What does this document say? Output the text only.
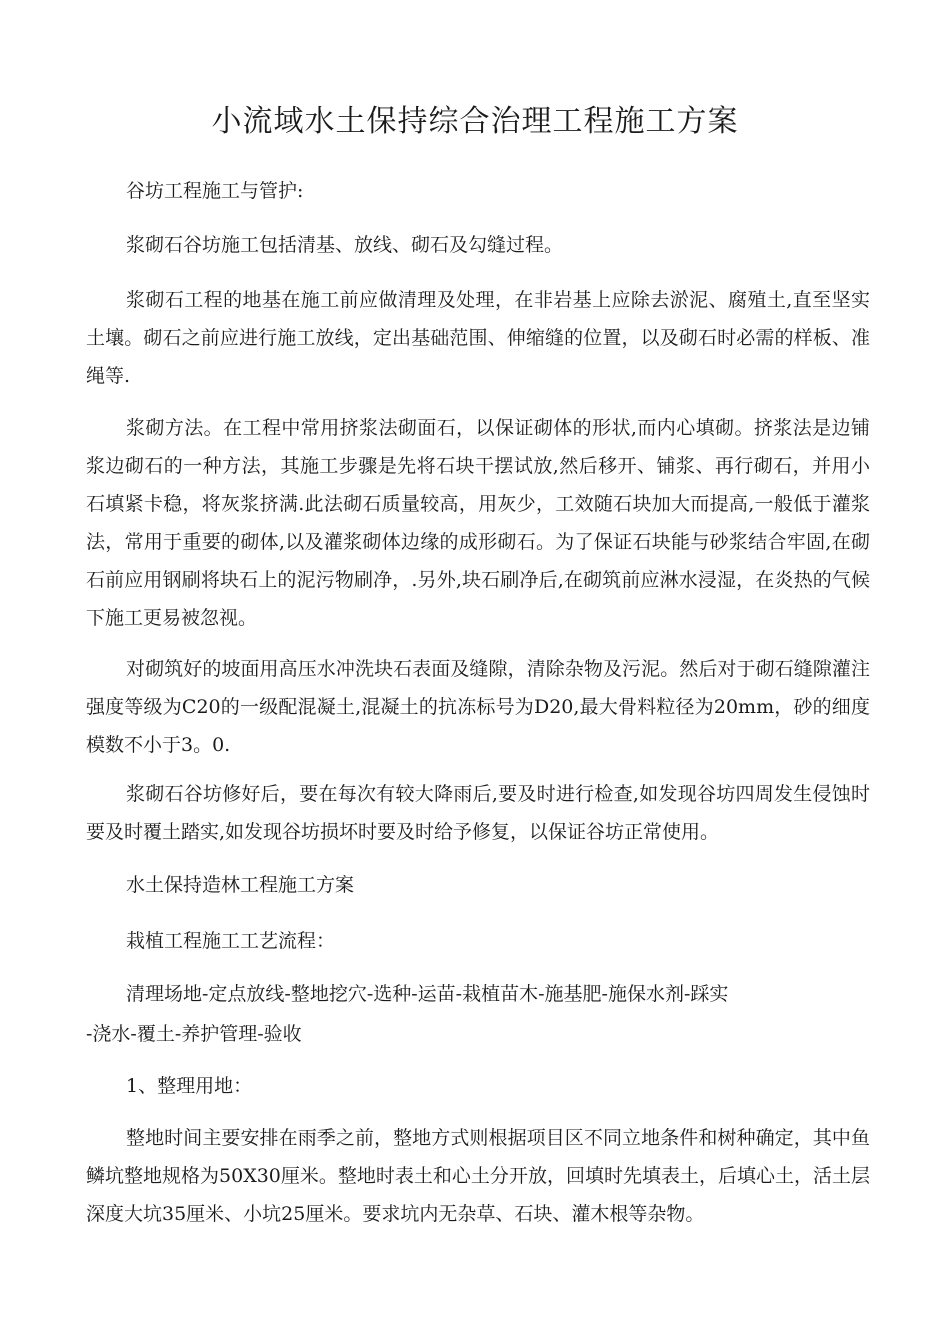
小流域水土保持综合治理工程施工方案

谷坊工程施工与管护:

浆砌石谷坊施工包括清基、放线、砌石及勾缝过程。

浆砌石工程的地基在施工前应做清理及处理，在非岩基上应除去淤泥、腐殖土,直至坚实土壤。砌石之前应进行施工放线，定出基础范围、伸缩缝的位置，以及砌石时必需的样板、准绳等.

浆砌方法。在工程中常用挤浆法砌面石，以保证砌体的形状,而内心填砌。挤浆法是边铺浆边砌石的一种方法，其施工步骤是先将石块干摆试放,然后移开、铺浆、再行砌石，并用小石填紧卡稳，将灰浆挤满.此法砌石质量较高，用灰少，工效随石块加大而提高,一般低于灌浆法，常用于重要的砌体,以及灌浆砌体边缘的成形砌石。为了保证石块能与砂浆结合牢固,在砌石前应用钢刷将块石上的泥污物刷净，.另外,块石刷净后,在砌筑前应淋水浸湿，在炎热的气候下施工更易被忽视。

对砌筑好的坡面用高压水冲洗块石表面及缝隙，清除杂物及污泥。然后对于砌石缝隙灌注强度等级为C20的一级配混凝土,混凝土的抗冻标号为D20,最大骨料粒径为20mm，砂的细度模数不小于3。0.

浆砌石谷坊修好后，要在每次有较大降雨后,要及时进行检查,如发现谷坊四周发生侵蚀时要及时覆土踏实,如发现谷坊损坏时要及时给予修复，以保证谷坊正常使用。

水土保持造林工程施工方案

栽植工程施工工艺流程：

清理场地-定点放线-整地挖穴-选种-运苗-栽植苗木-施基肥-施保水剂-踩实

-浇水-覆土-养护管理-验收

1、整理用地：

整地时间主要安排在雨季之前，整地方式则根据项目区不同立地条件和树种确定，其中鱼鳞坑整地规格为50X30厘米。整地时表土和心土分开放，回填时先填表土，后填心土，活土层深度大坑35厘米、小坑25厘米。要求坑内无杂草、石块、灌木根等杂物。
